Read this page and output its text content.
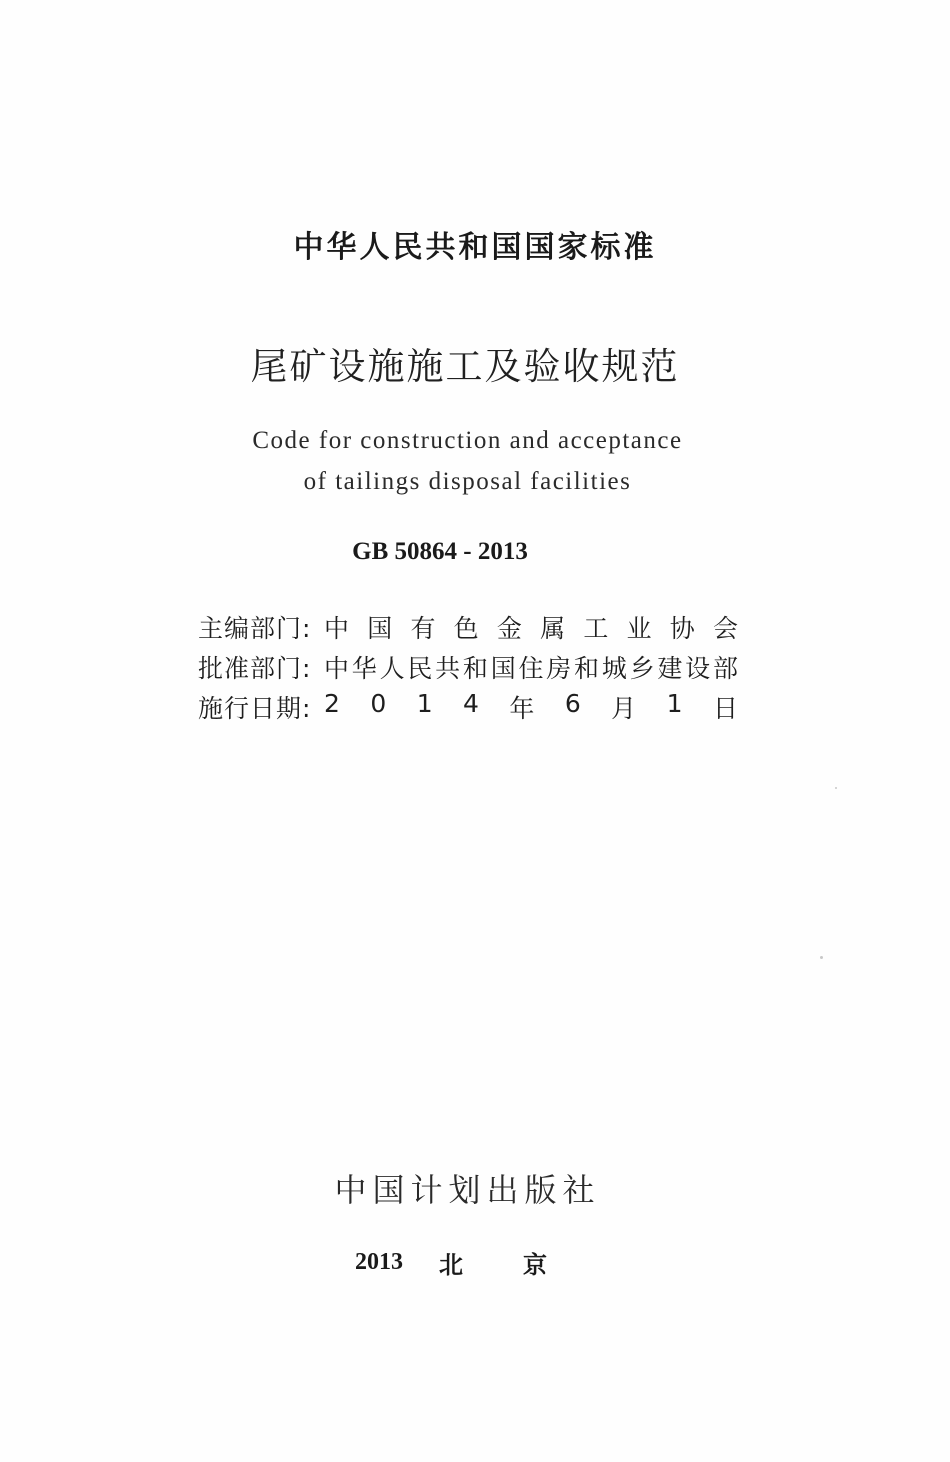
中华人民共和国国家标准
尾矿设施施工及验收规范
Code for construction and acceptance
of tailings disposal facilities
GB 50864 - 2013
主编部门: 中 国 有 色 金 属 工 业 协 会
批准部门: 中 华 人 民 共 和 国 住 房 和 城 乡 建 设 部
施行日期: 2 0 1 4 年 6 月 1 日
中国计划出版社
2013	北	京
